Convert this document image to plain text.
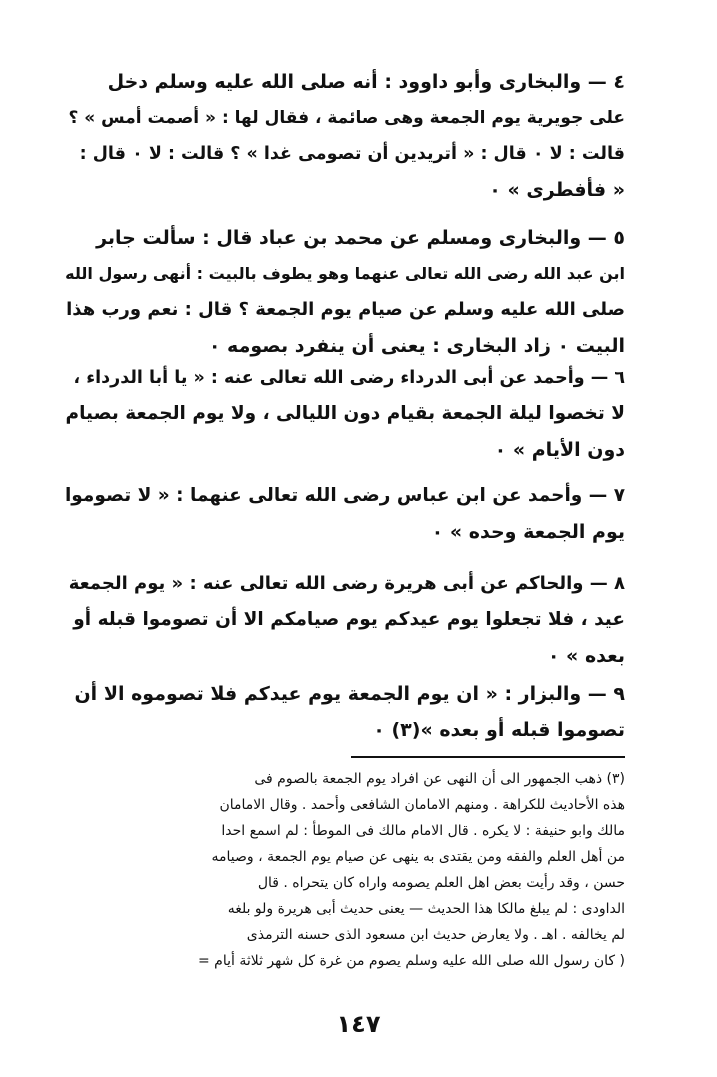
٤ — والبخارى وأبو داوود : أنه صلى الله عليه وسلم دخل
على جويرية يوم الجمعة وهى صائمة ، فقال لها : « أصمت أمس » ؟
قالت : لا ٠ قال : « أتريدين أن تصومى غدا » ؟ قالت : لا ٠ قال :
« فأفطرى » ٠
٥ — والبخارى ومسلم عن محمد بن عباد قال : سألت جابر
ابن عبد الله رضى الله تعالى عنهما وهو يطوف بالبيت : أنهى رسول الله
صلى الله عليه وسلم عن صيام يوم الجمعة ؟ قال : نعم ورب هذا
البيت ٠ زاد البخارى : يعنى أن ينفرد بصومه ٠
٦ — وأحمد عن أبى الدرداء رضى الله تعالى عنه : « يا أبا الدرداء ،
لا تخصوا ليلة الجمعة بقيام دون الليالى ، ولا يوم الجمعة بصيام
دون الأيام » ٠
٧ — وأحمد عن ابن عباس رضى الله تعالى عنهما : « لا تصوموا
يوم الجمعة وحده » ٠
٨ — والحاكم عن أبى هريرة رضى الله تعالى عنه : « يوم الجمعة
عيد ، فلا تجعلوا يوم عيدكم يوم صيامكم الا أن تصوموا قبله أو
بعده » ٠
٩ — والبزار : « ان يوم الجمعة يوم عيدكم فلا تصوموه الا أن
تصوموا قبله أو بعده »(٣) ٠
(٣) ذهب الجمهور الى أن النهى عن افراد يوم الجمعة بالصوم فى
هذه الأحاديث للكراهة . ومنهم الامامان الشافعى وأحمد . وقال الامامان
مالك وابو حنيفة : لا يكره . قال الامام مالك فى الموطأ : لم اسمع احدا
من أهل العلم والفقه ومن يقتدى به ينهى عن صيام يوم الجمعة ، وصيامه
حسن ، وقد رأيت بعض اهل العلم يصومه واراه كان يتحراه . قال
الداودى : لم يبلغ مالكا هذا الحديث — يعنى حديث أبى هريرة ولو بلغه
لم يخالفه . اهـ . ولا يعارض حديث ابن مسعود الذى حسنه الترمذى
( كان رسول الله صلى الله عليه وسلم يصوم من غرة كل شهر ثلاثة أيام =
١٤٧
